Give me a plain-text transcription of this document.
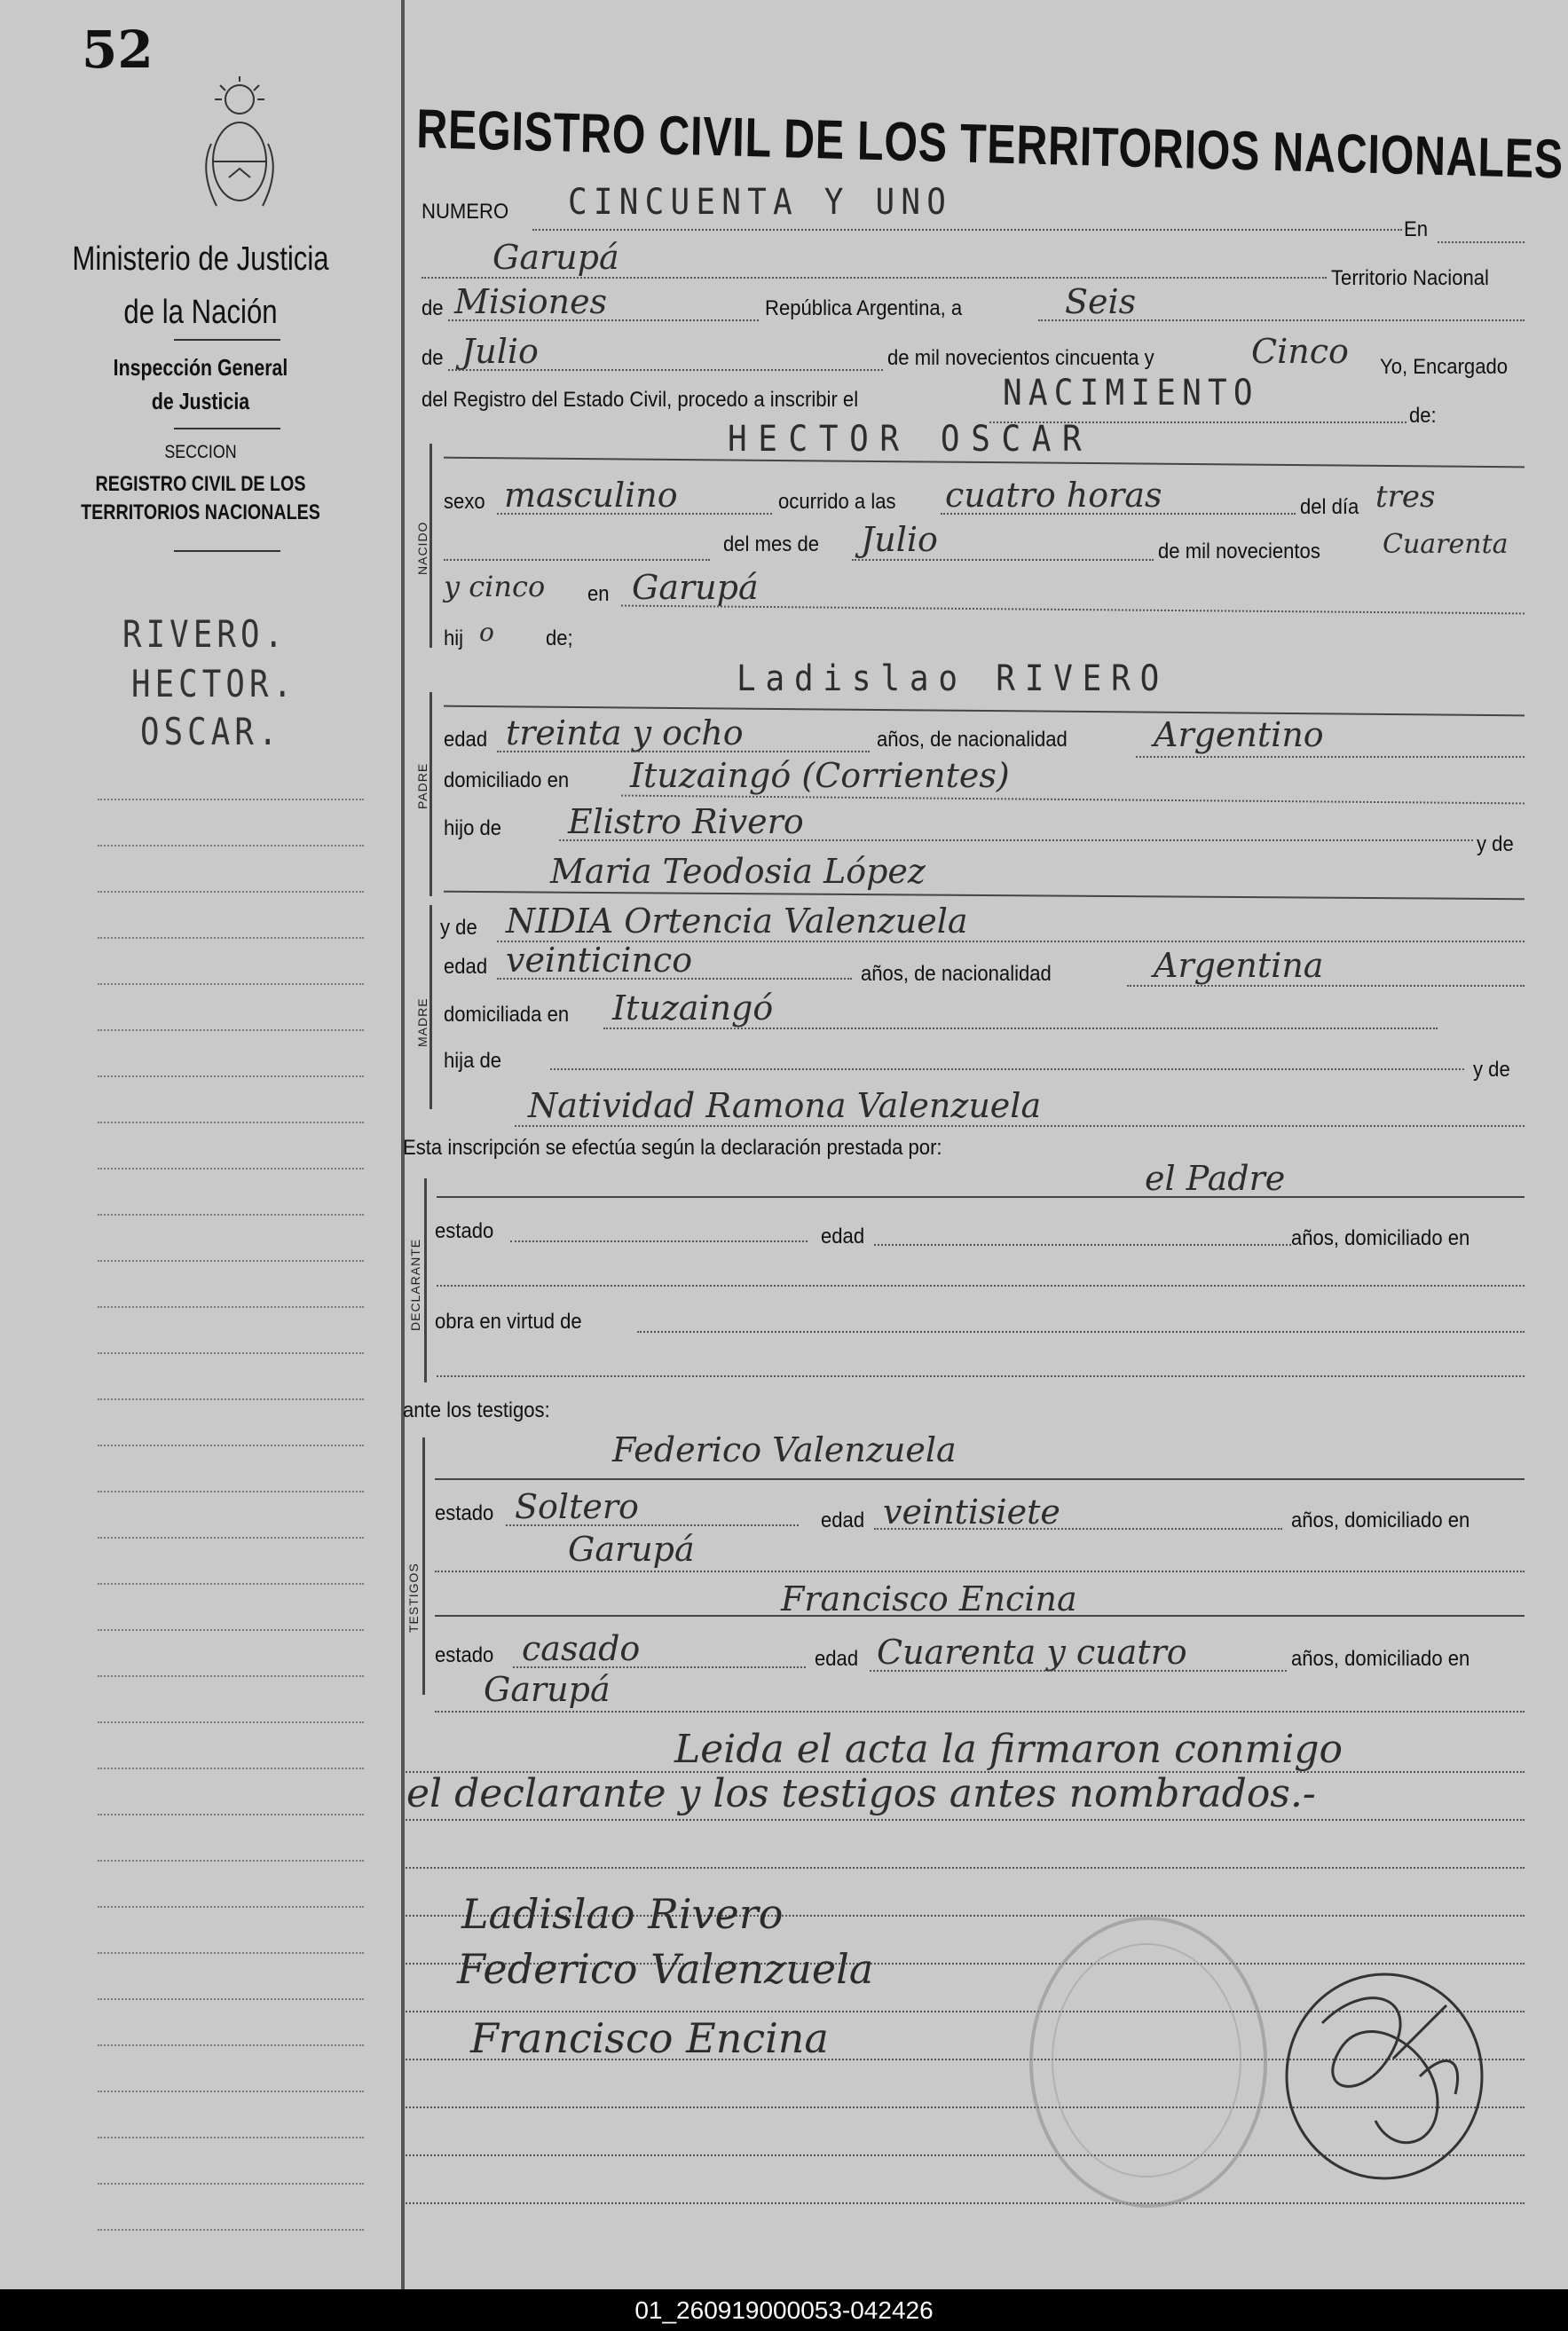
52
Ministerio de Justicia
de la Nación
Inspección General
de Justicia
SECCION
REGISTRO CIVIL DE LOS
TERRITORIOS NACIONALES
RIVERO.
HECTOR.
OSCAR.
REGISTRO CIVIL DE LOS TERRITORIOS NACIONALES
NUMERO CINCUENTA Y UNO
En
Garupá
Territorio Nacional
de Misiones	República Argentina, a	Seis
de Julio	de mil novecientos cincuenta y	Cinco Yo, Encargado
del Registro del Estado Civil, procedo a inscribir el	NACIMIENTO
de:
NACIDO
HECTOR OSCAR
sexo masculino	ocurrido a las cuatro horas	del día tres
del mes de Julio	de mil novecientos Cuarenta
y cinco en Garupá
hij o de;
PADRE
Ladislao RIVERO
edad treinta y ocho	años, de nacionalidad	Argentino
domiciliado en Ituzaingó (Corrientes)
hijo de Elistro Rivero
y de
Maria Teodosia López
MADRE
y de NIDIA Ortencia Valenzuela
edad veinticinco	años, de nacionalidad	Argentina
domiciliada en Ituzaingó
hija de	y de
Natividad Ramona Valenzuela
Esta inscripción se efectúa según la declaración prestada por:
el Padre
DECLARANTE
estado	edad	años, domiciliado en
obra en virtud de
ante los testigos:
TESTIGOS
Federico Valenzuela
estado Soltero	edad veintisiete	años, domiciliado en
Garupá
Francisco Encina
estado casado	edad Cuarenta y cuatro	años, domiciliado en
Garupá
Leida el acta la firmaron conmigo
el declarante y los testigos antes nombrados.-
Ladislao Rivero
Federico Valenzuela
Francisco Encina
01_260919000053-042426
